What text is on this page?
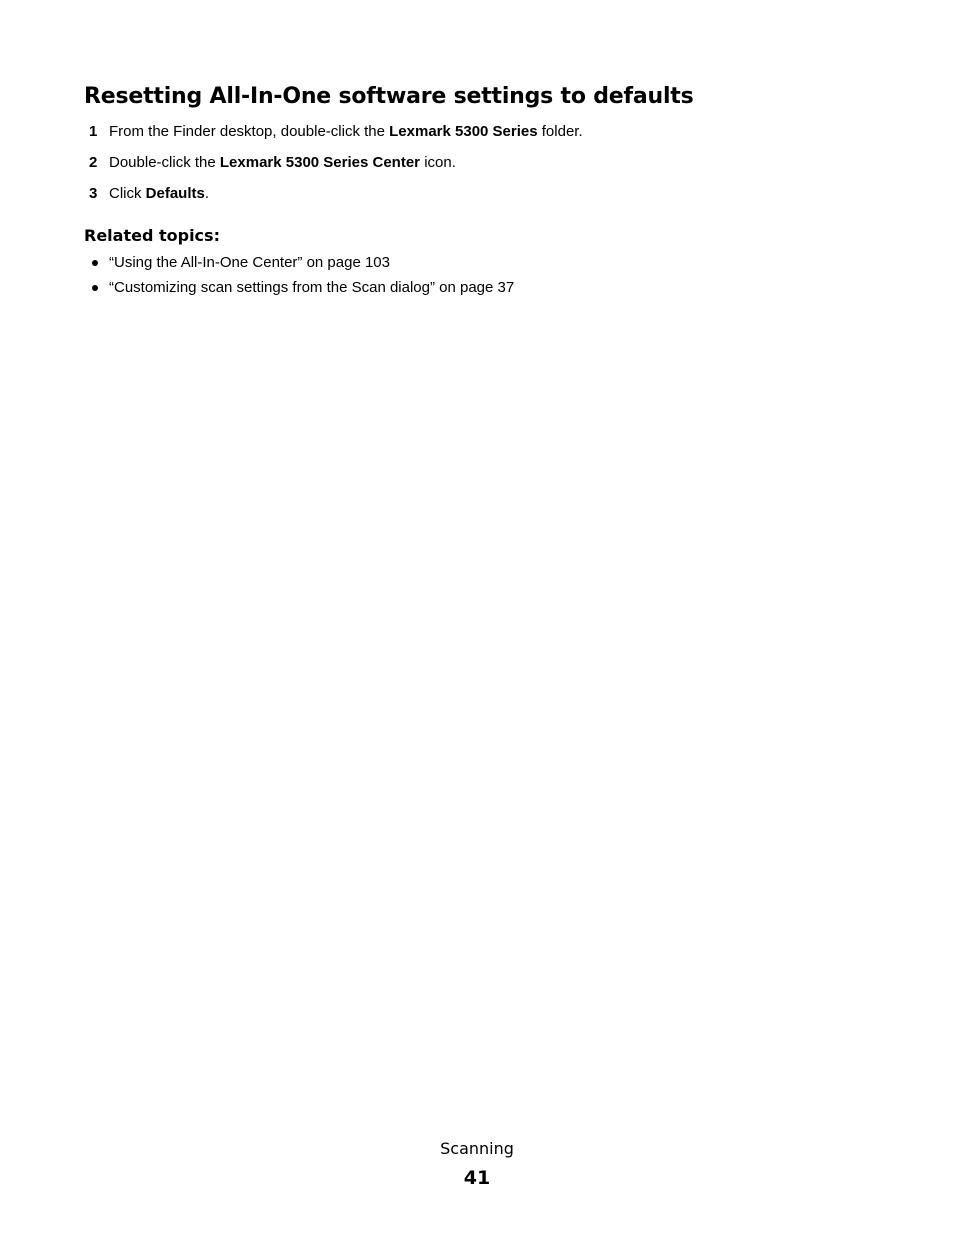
Resetting All-In-One software settings to defaults
1 From the Finder desktop, double-click the Lexmark 5300 Series folder.
2 Double-click the Lexmark 5300 Series Center icon.
3 Click Defaults.
Related topics:
“Using the All-In-One Center” on page 103
“Customizing scan settings from the Scan dialog” on page 37
Scanning
41
